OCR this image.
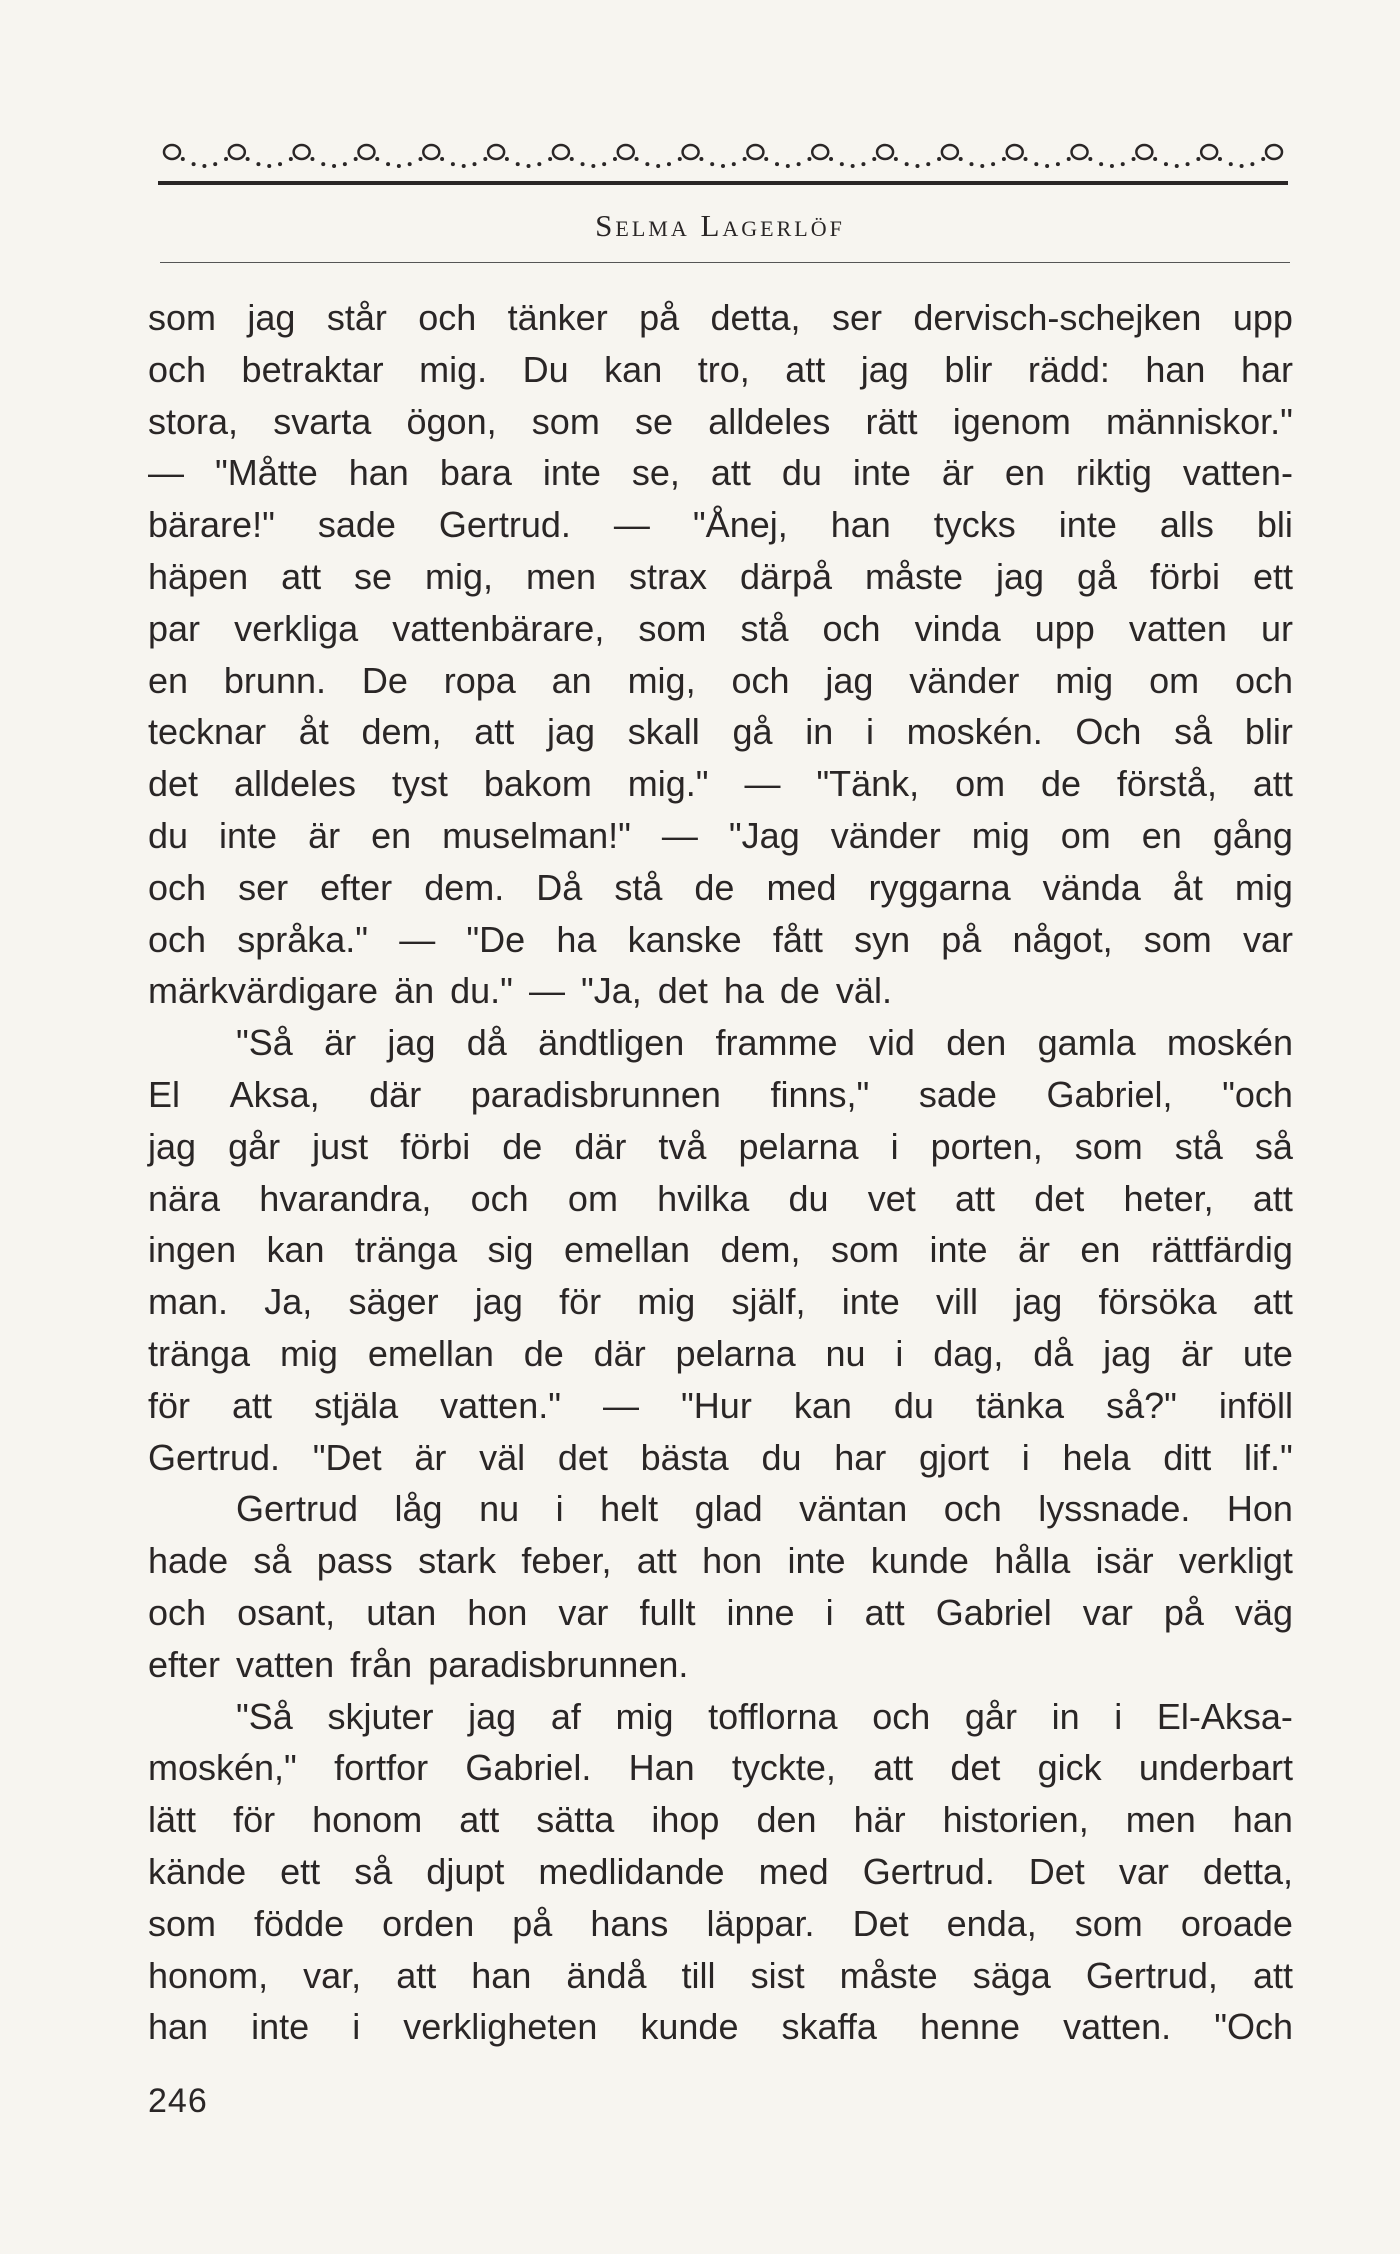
Selma Lagerlöf
som jag står och tänker på detta, ser dervisch-schejken upp
och betraktar mig. Du kan tro, att jag blir rädd: han har
stora, svarta ögon, som se alldeles rätt igenom människor."
— "Måtte han bara inte se, att du inte är en riktig vatten-
bärare!" sade Gertrud. — "Ånej, han tycks inte alls bli
häpen att se mig, men strax därpå måste jag gå förbi ett
par verkliga vattenbärare, som stå och vinda upp vatten ur
en brunn. De ropa an mig, och jag vänder mig om och
tecknar åt dem, att jag skall gå in i moskén. Och så blir
det alldeles tyst bakom mig." — "Tänk, om de förstå, att
du inte är en muselman!" — "Jag vänder mig om en gång
och ser efter dem. Då stå de med ryggarna vända åt mig
och språka." — "De ha kanske fått syn på något, som var
märkvärdigare än du." — "Ja, det ha de väl.
"Så är jag då ändtligen framme vid den gamla moskén
El Aksa, där paradisbrunnen finns," sade Gabriel, "och
jag går just förbi de där två pelarna i porten, som stå så
nära hvarandra, och om hvilka du vet att det heter, att
ingen kan tränga sig emellan dem, som inte är en rättfärdig
man. Ja, säger jag för mig själf, inte vill jag försöka att
tränga mig emellan de där pelarna nu i dag, då jag är ute
för att stjäla vatten." — "Hur kan du tänka så?" inföll
Gertrud. "Det är väl det bästa du har gjort i hela ditt lif."
Gertrud låg nu i helt glad väntan och lyssnade. Hon
hade så pass stark feber, att hon inte kunde hålla isär verkligt
och osant, utan hon var fullt inne i att Gabriel var på väg
efter vatten från paradisbrunnen.
"Så skjuter jag af mig tofflorna och går in i El-Aksa-
moskén," fortfor Gabriel. Han tyckte, att det gick underbart
lätt för honom att sätta ihop den här historien, men han
kände ett så djupt medlidande med Gertrud. Det var detta,
som födde orden på hans läppar. Det enda, som oroade
honom, var, att han ändå till sist måste säga Gertrud, att
han inte i verkligheten kunde skaffa henne vatten. "Och
246
